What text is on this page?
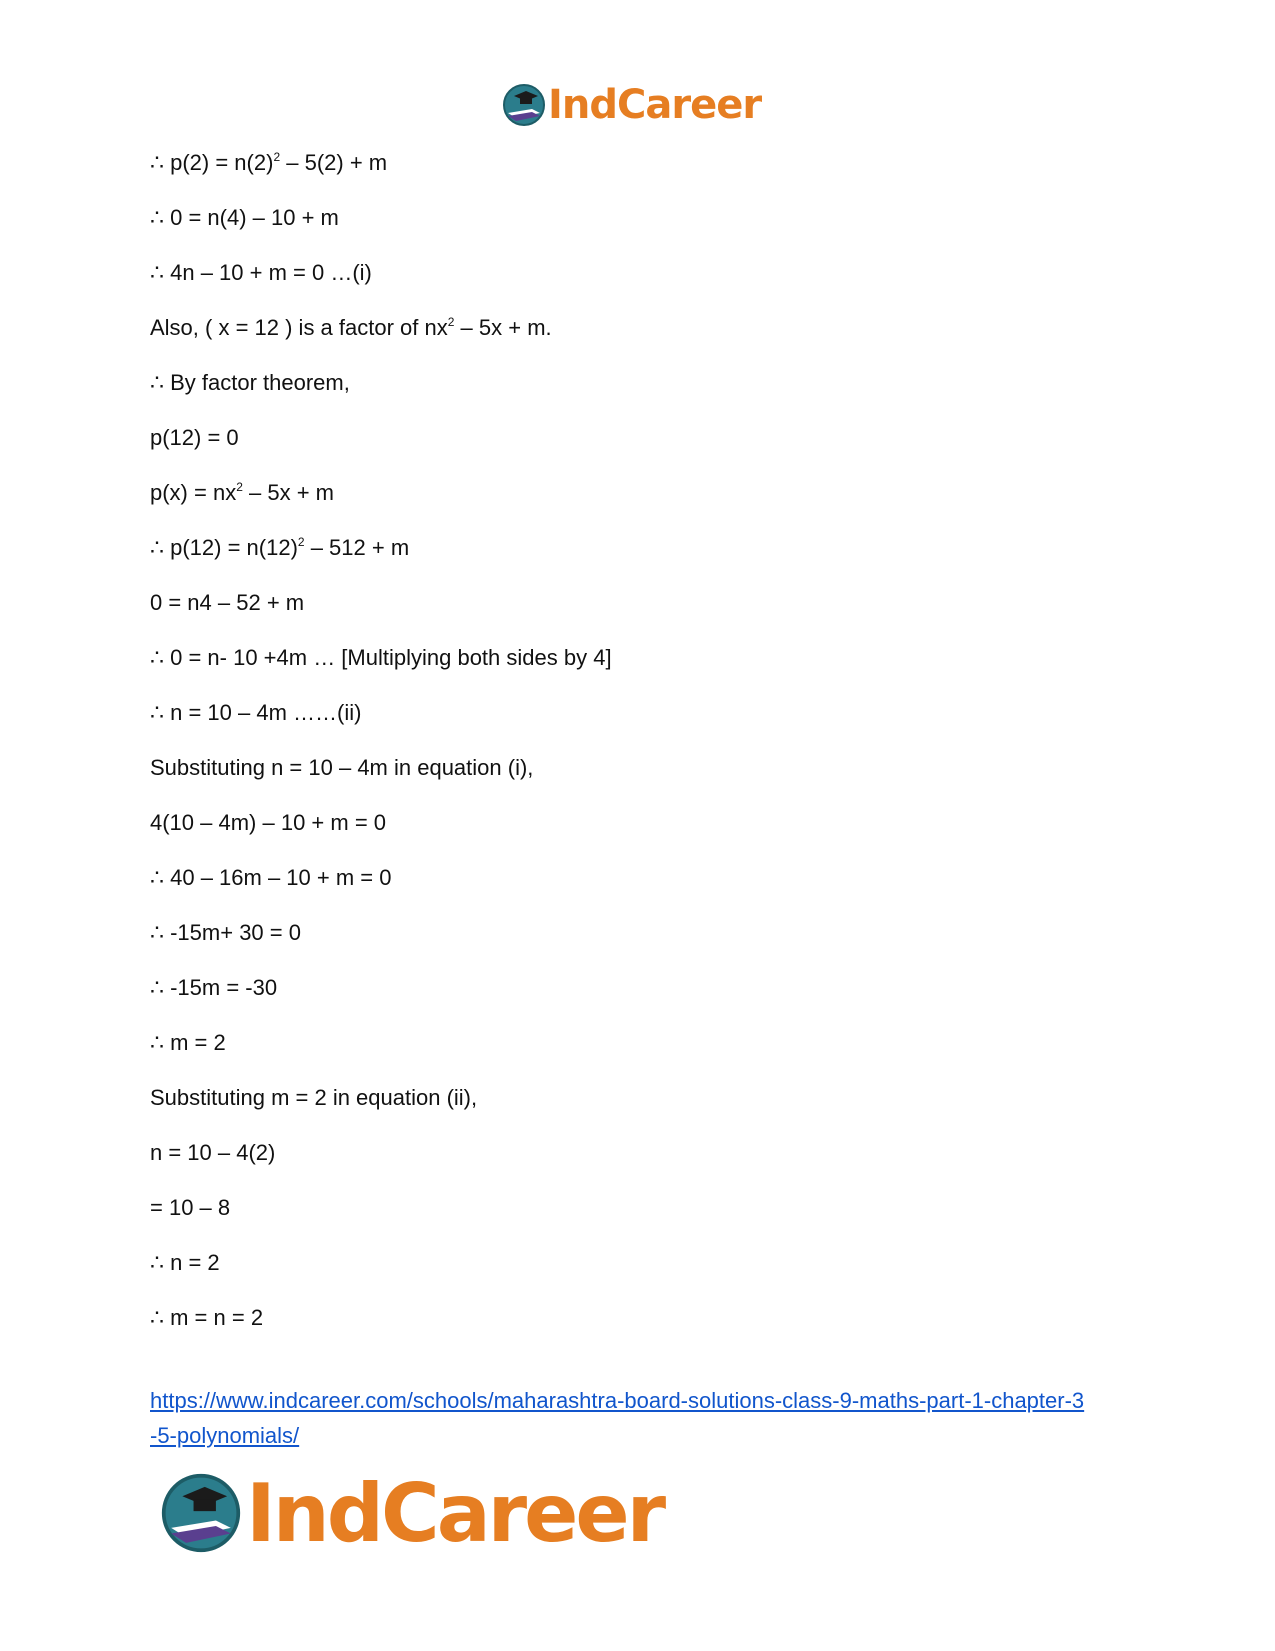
IndCareer
∴ $p(2) = n(2)^2 - 5(2) + m$
∴ 0 = n(4) – 10 + m
∴ 4n – 10 + m = 0 …(i)
Also, ( x = 12 ) is a factor of $nx^2 - 5x + m$.
∴ By factor theorem,
p(12) = 0
$p(x) = nx^2 - 5x + m$
∴ $p(12) = n(12)^2 - 512 + m$
0 = n4 – 52 + m
∴ 0 = n- 10 +4m … [Multiplying both sides by 4]
∴ n = 10 – 4m ……(ii)
Substituting n = 10 – 4m in equation (i),
4(10 – 4m) – 10 + m = 0
∴ 40 – 16m – 10 + m = 0
∴ -15m+ 30 = 0
∴ -15m = -30
∴ m = 2
Substituting m = 2 in equation (ii),
n = 10 – 4(2)
= 10 – 8
∴ n = 2
∴ m = n = 2
https://www.indcareer.com/schools/maharashtra-board-solutions-class-9-maths-part-1-chapter-3
-5-polynomials/
IndCareer
